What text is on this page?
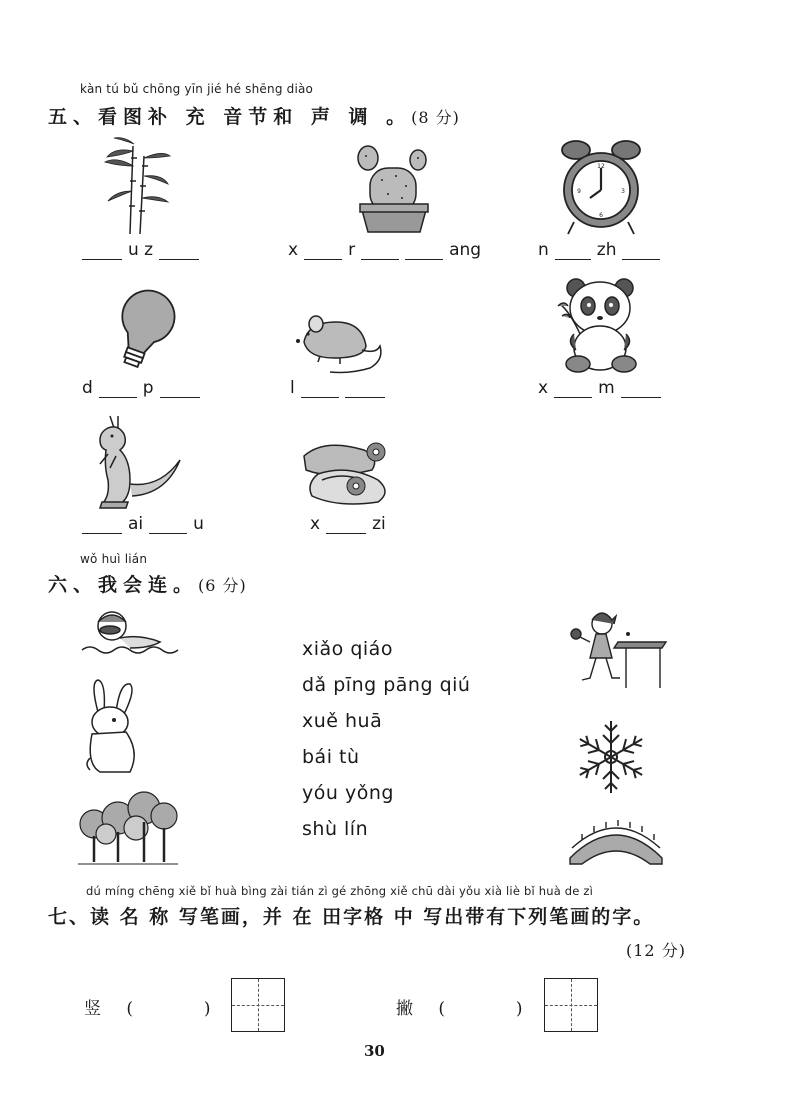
kàn tú bǔ chōng yīn jié hé shēng diào
五、看图补 充 音节和 声 调 。(8 分)
12
3
6
9
u z	x	r	ang	n	zh
d	p	l	x	m
ai	u	x	zi
wǒ huì lián
六、我会连。(6 分)
xiǎo qiáo
dǎ pīng pāng qiú
xuě huā
bái tù
yóu yǒng
shù lín
dú míng chēng xiě bǐ huà bìng zài tián zì gé zhōng xiě chū dài yǒu xià liè bǐ huà de zì
七、读 名 称 写笔画，并 在 田字格 中 写出带有下列笔画的字。
(12 分)
竖 (	)	撇 (	)
30
